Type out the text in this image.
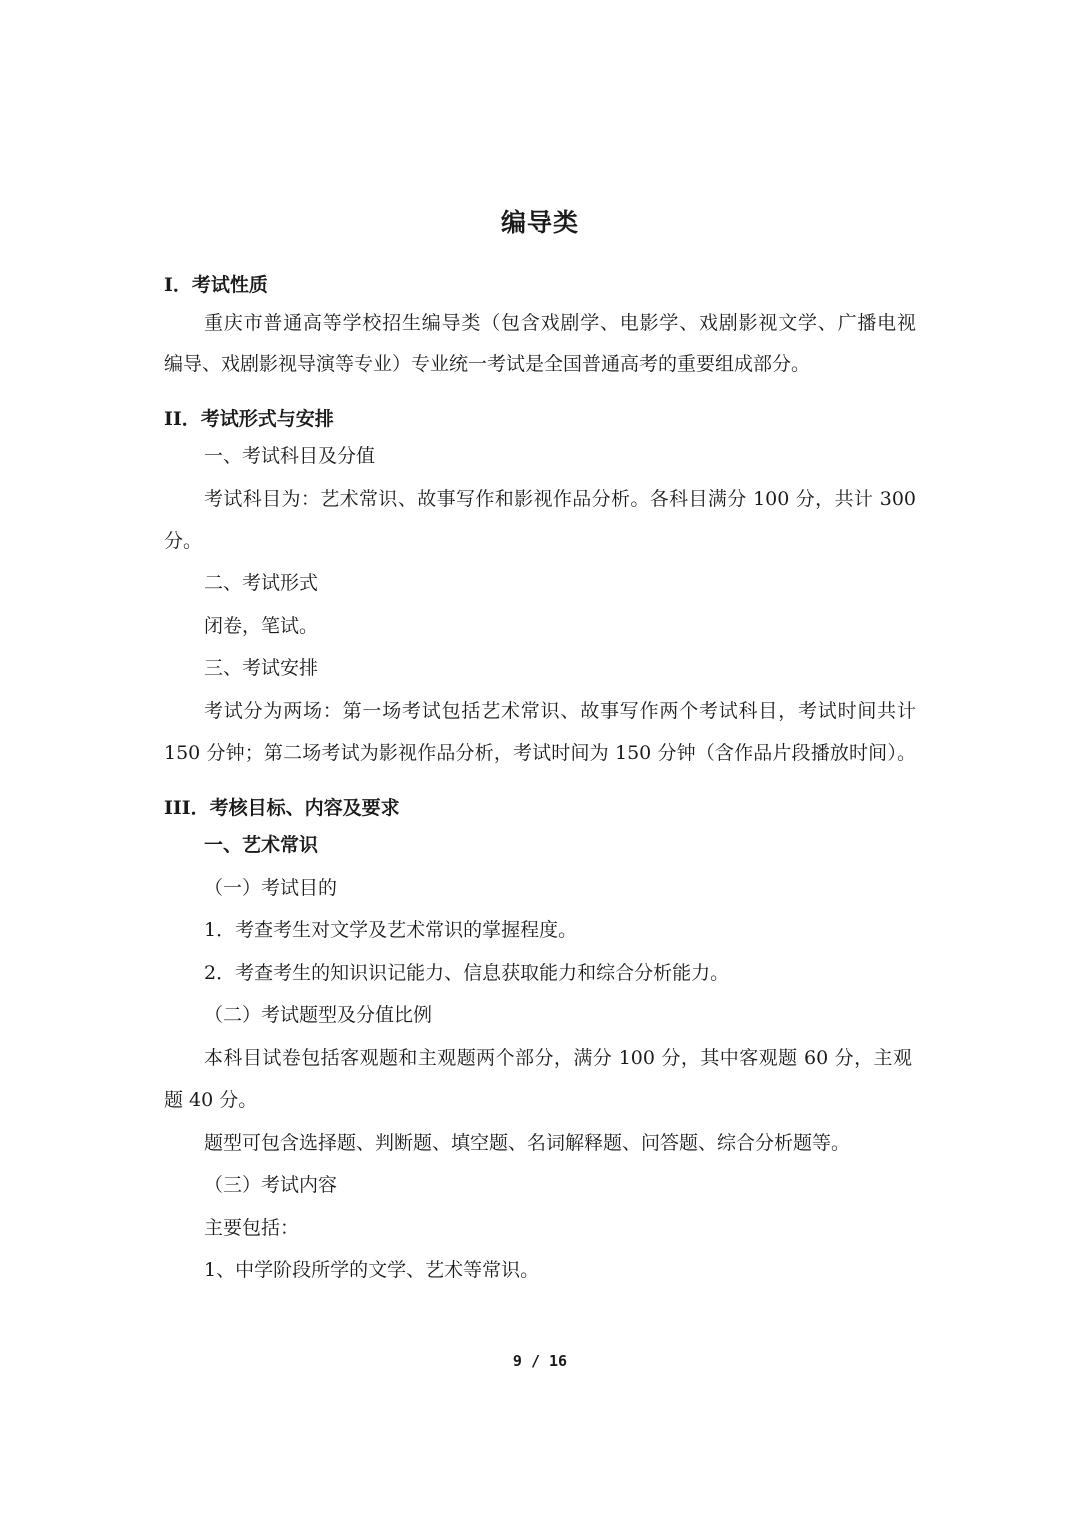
编导类
I．考试性质
重庆市普通高等学校招生编导类（包含戏剧学、电影学、戏剧影视文学、广播电视
编导、戏剧影视导演等专业）专业统一考试是全国普通高考的重要组成部分。
II．考试形式与安排
一、考试科目及分值
考试科目为：艺术常识、故事写作和影视作品分析。各科目满分 100 分，共计 300
分。
二、考试形式
闭卷，笔试。
三、考试安排
考试分为两场：第一场考试包括艺术常识、故事写作两个考试科目，考试时间共计
150 分钟；第二场考试为影视作品分析，考试时间为 150 分钟（含作品片段播放时间）。
III．考核目标、内容及要求
一、艺术常识
（一）考试目的
1．考查考生对文学及艺术常识的掌握程度。
2．考查考生的知识识记能力、信息获取能力和综合分析能力。
（二）考试题型及分值比例
本科目试卷包括客观题和主观题两个部分，满分 100 分，其中客观题 60 分，主观
题 40 分。
题型可包含选择题、判断题、填空题、名词解释题、问答题、综合分析题等。
（三）考试内容
主要包括：
1、中学阶段所学的文学、艺术等常识。
9 / 16
